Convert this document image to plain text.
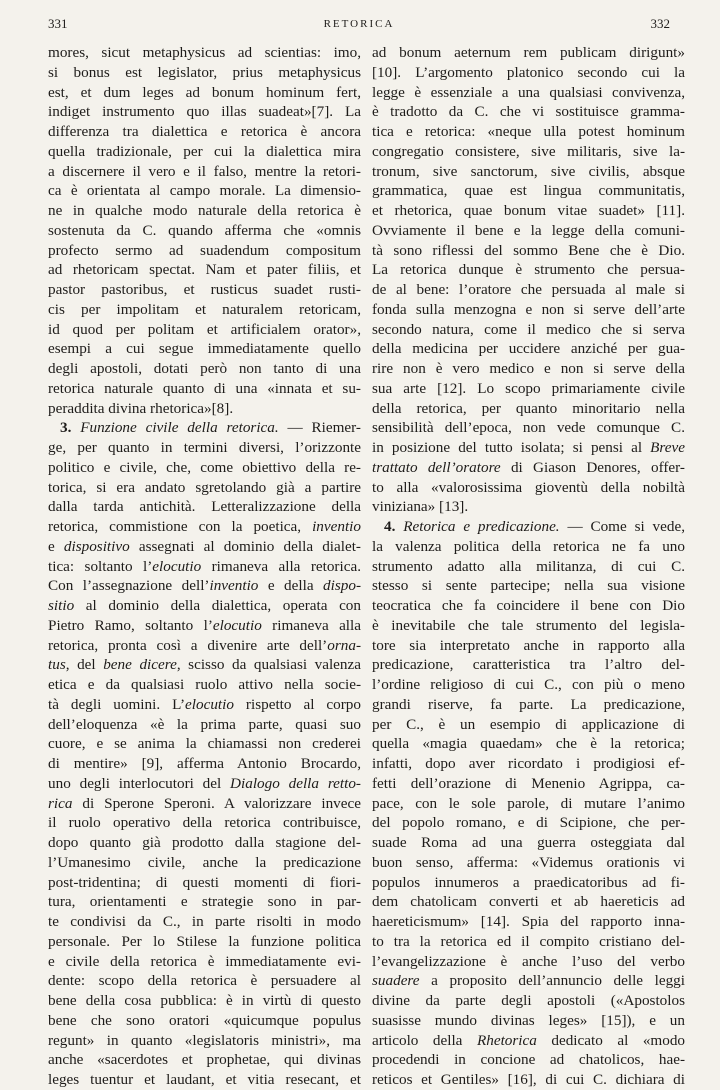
331	RETORICA	332
mores, sicut metaphysicus ad scientias: imo,
si bonus est legislator, prius metaphysicus
est, et dum leges ad bonum hominum fert,
indiget instrumento quo illas suadeat»[7]. La
differenza tra dialettica e retorica è ancora
quella tradizionale, per cui la dialettica mira
a discernere il vero e il falso, mentre la retori-
ca è orientata al campo morale. La dimensio-
ne in qualche modo naturale della retorica è
sostenuta da C. quando afferma che «omnis
profecto sermo ad suadendum compositum
ad rhetoricam spectat. Nam et pater filiis, et
pastor pastoribus, et rusticus suadet rusti-
cis per impolitam et naturalem retoricam,
id quod per politam et artificialem orator»,
esempi a cui segue immediatamente quello
degli apostoli, dotati però non tanto di una
retorica naturale quanto di una «innata et su-
peraddita divina rhetorica»[8].
3. Funzione civile della retorica. — Riemer-
ge, per quanto in termini diversi, l’orizzonte
politico e civile, che, come obiettivo della re-
torica, si era andato sgretolando già a partire
dalla tarda antichità. Letteralizzazione della
retorica, commistione con la poetica, inventio
e dispositivo assegnati al dominio della dialet-
tica: soltanto l’elocutio rimaneva alla retorica.
Con l’assegnazione dell’inventio e della dispo-
sitio al dominio della dialettica, operata con
Pietro Ramo, soltanto l’elocutio rimaneva alla
retorica, pronta così a divenire arte dell’orna-
tus, del bene dicere, scisso da qualsiasi valenza
etica e da qualsiasi ruolo attivo nella socie-
tà degli uomini. L’elocutio rispetto al corpo
dell’eloquenza «è la prima parte, quasi suo
cuore, e se anima la chiamassi non crederei
di mentire» [9], afferma Antonio Brocardo,
uno degli interlocutori del Dialogo della retto-
rica di Sperone Speroni. A valorizzare invece
il ruolo operativo della retorica contribuisce,
dopo quanto già prodotto dalla stagione del-
l’Umanesimo civile, anche la predicazione
post-tridentina; di questi momenti di fiori-
tura, orientamenti e strategie sono in par-
te condivisi da C., in parte risolti in modo
personale. Per lo Stilese la funzione politica
e civile della retorica è immediatamente evi-
dente: scopo della retorica è persuadere al
bene della cosa pubblica: è in virtù di questo
bene che sono oratori «quicumque populus
regunt» in quanto «legislatoris ministri», ma
anche «sacerdotes et prophetae, qui divinas
leges tuentur et laudant, et vitia resecant, et
ad bonum aeternum rem publicam dirigunt»
[10]. L’argomento platonico secondo cui la
legge è essenziale a una qualsiasi convivenza,
è tradotto da C. che vi sostituisce gramma-
tica e retorica: «neque ulla potest hominum
congregatio consistere, sive militaris, sive la-
tronum, sive sanctorum, sive civilis, absque
grammatica, quae est lingua communitatis,
et rhetorica, quae bonum vitae suadet» [11].
Ovviamente il bene e la legge della comuni-
tà sono riflessi del sommo Bene che è Dio.
La retorica dunque è strumento che persua-
de al bene: l’oratore che persuada al male si
fonda sulla menzogna e non si serve dell’arte
secondo natura, come il medico che si serva
della medicina per uccidere anziché per gua-
rire non è vero medico e non si serve della
sua arte [12]. Lo scopo primariamente civile
della retorica, per quanto minoritario nella
sensibilità dell’epoca, non vede comunque C.
in posizione del tutto isolata; si pensi al Breve
trattato dell’oratore di Giason Denores, offer-
to alla «valorosissima gioventù della nobiltà
viniziana» [13].
4. Retorica e predicazione. — Come si vede,
la valenza politica della retorica ne fa uno
strumento adatto alla militanza, di cui C.
stesso si sente partecipe; nella sua visione
teocratica che fa coincidere il bene con Dio
è inevitabile che tale strumento del legisla-
tore sia interpretato anche in rapporto alla
predicazione, caratteristica tra l’altro del-
l’ordine religioso di cui C., con più o meno
grandi riserve, fa parte. La predicazione,
per C., è un esempio di applicazione di
quella «magia quaedam» che è la retorica;
infatti, dopo aver ricordato i prodigiosi ef-
fetti dell’orazione di Menenio Agrippa, ca-
pace, con le sole parole, di mutare l’animo
del popolo romano, e di Scipione, che per-
suade Roma ad una guerra osteggiata dal
buon senso, afferma: «Videmus orationis vi
populos innumeros a praedicatoribus ad fi-
dem chatolicam converti et ab haereticis ad
haereticismum» [14]. Spia del rapporto inna-
to tra la retorica ed il compito cristiano del-
l’evangelizzazione è anche l’uso del verbo
suadere a proposito dell’annuncio delle leggi
divine da parte degli apostoli («Apostolos
suasisse mundo divinas leges» [15]), e un
articolo della Rhetorica dedicato al «modo
procedendi in concione ad chatolicos, hae-
reticos et Gentiles» [16], di cui C. dichiara di
